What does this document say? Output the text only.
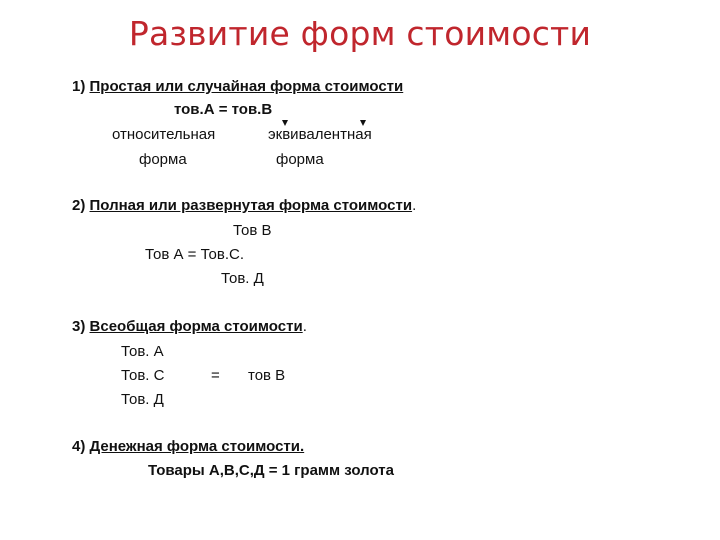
Развитие форм стоимости
1) Простая или случайная форма стоимости
тов.А = тов.В
относительная	эквивалентная
форма	форма
2) Полная или развернутая форма стоимости.
Тов В
Тов А = Тов.С.
Тов. Д
3) Всеобщая форма стоимости.
Тов. А
Тов. С	= тов В
Тов. Д
4) Денежная форма стоимости.
Товары А,В,С,Д = 1 грамм золота
